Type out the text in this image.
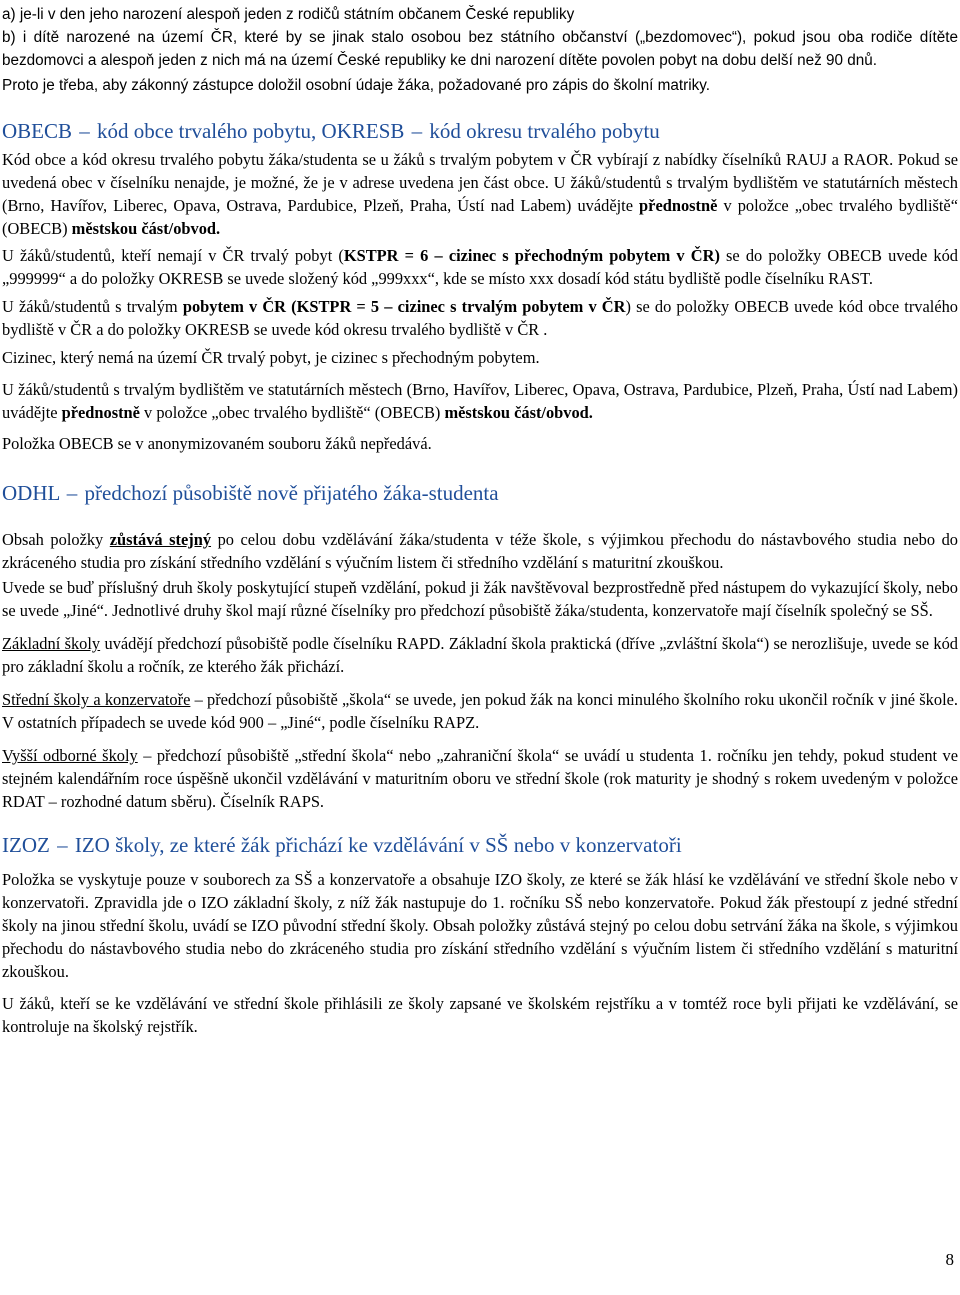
a) je-li v den jeho narození alespoň jeden z rodičů státním občanem České republiky

b) i dítě narozené na území ČR, které by se jinak stalo osobou bez státního občanství („bezdomovec“), pokud jsou oba rodiče dítěte bezdomovci a alespoň jeden z nich má na území České republiky ke dni narození dítěte povolen pobyt na dobu delší než 90 dnů.

Proto je třeba, aby zákonný zástupce doložil osobní údaje žáka, požadované pro zápis do školní matriky.

OBECB – kód obce trvalého pobytu, OKRESB – kód okresu trvalého pobytu

Kód obce a kód okresu trvalého pobytu žáka/studenta se u žáků s trvalým pobytem v ČR vybírají z nabídky číselníků RAUJ a RAOR. Pokud se uvedená obec v číselníku nenajde, je možné, že je v adrese uvedena jen část obce. U žáků/studentů s trvalým bydlištěm ve statutárních městech (Brno, Havířov, Liberec, Opava, Ostrava, Pardubice, Plzeň, Praha, Ústí nad Labem) uvádějte přednostně v položce „obec trvalého bydliště“ (OBECB) městskou část/obvod.

U žáků/studentů, kteří nemají v ČR trvalý pobyt (KSTPR = 6 – cizinec s přechodným pobytem v ČR) se do položky OBECB uvede kód „999999“ a do položky OKRESB se uvede složený kód „999xxx“, kde se místo xxx dosadí kód státu bydliště podle číselníku RAST.

U žáků/studentů s trvalým pobytem v ČR (KSTPR = 5 – cizinec s trvalým pobytem v ČR) se do položky OBECB uvede kód obce trvalého bydliště v ČR a do položky OKRESB se uvede kód okresu trvalého bydliště v ČR .

Cizinec, který nemá na území ČR trvalý pobyt, je cizinec s přechodným pobytem.

U žáků/studentů s trvalým bydlištěm ve statutárních městech (Brno, Havířov, Liberec, Opava, Ostrava, Pardubice, Plzeň, Praha, Ústí nad Labem) uvádějte přednostně v položce „obec trvalého bydliště“ (OBECB) městskou část/obvod.

Položka OBECB se v anonymizovaném souboru žáků nepředává.

ODHL – předchozí působiště nově přijatého žáka-studenta

Obsah položky zůstává stejný po celou dobu vzdělávání žáka/studenta v téže škole, s výjimkou přechodu do nástavbového studia nebo do zkráceného studia pro získání středního vzdělání s výučním listem či středního vzdělání s maturitní zkouškou.

Uvede se buď příslušný druh školy poskytující stupeň vzdělání, pokud ji žák navštěvoval bezprostředně před nástupem do vykazující školy, nebo se uvede „Jiné“. Jednotlivé druhy škol mají různé číselníky pro předchozí působiště žáka/studenta, konzervatoře mají číselník společný se SŠ.

Základní školy uvádějí předchozí působiště podle číselníku RAPD. Základní škola praktická (dříve „zvláštní škola“) se nerozlišuje, uvede se kód pro základní školu a ročník, ze kterého žák přichází.

Střední školy a konzervatoře – předchozí působiště „škola“ se uvede, jen pokud žák na konci minulého školního roku ukončil ročník v jiné škole. V ostatních případech se uvede kód 900 – „Jiné“, podle číselníku RAPZ.

Vyšší odborné školy – předchozí působiště „střední škola“ nebo „zahraniční škola“ se uvádí u studenta 1. ročníku jen tehdy, pokud student ve stejném kalendářním roce úspěšně ukončil vzdělávání v maturitním oboru ve střední škole (rok maturity je shodný s rokem uvedeným v položce RDAT – rozhodné datum sběru). Číselník RAPS.

IZOZ – IZO školy, ze které žák přichází ke vzdělávání v SŠ nebo v konzervatoři

Položka se vyskytuje pouze v souborech za SŠ a konzervatoře a obsahuje IZO školy, ze které se žák hlásí ke vzdělávání ve střední škole nebo v konzervatoři. Zpravidla jde o IZO základní školy, z níž žák nastupuje do 1. ročníku SŠ nebo konzervatoře. Pokud žák přestoupí z jedné střední školy na jinou střední školu, uvádí se IZO původní střední školy. Obsah položky zůstává stejný po celou dobu setrvání žáka na škole, s výjimkou přechodu do nástavbového studia nebo do zkráceného studia pro získání středního vzdělání s výučním listem či středního vzdělání s maturitní zkouškou.

U žáků, kteří se ke vzdělávání ve střední škole přihlásili ze školy zapsané ve školském rejstříku a v tomtéž roce byli přijati ke vzdělávání, se kontroluje na školský rejstřík.

8
